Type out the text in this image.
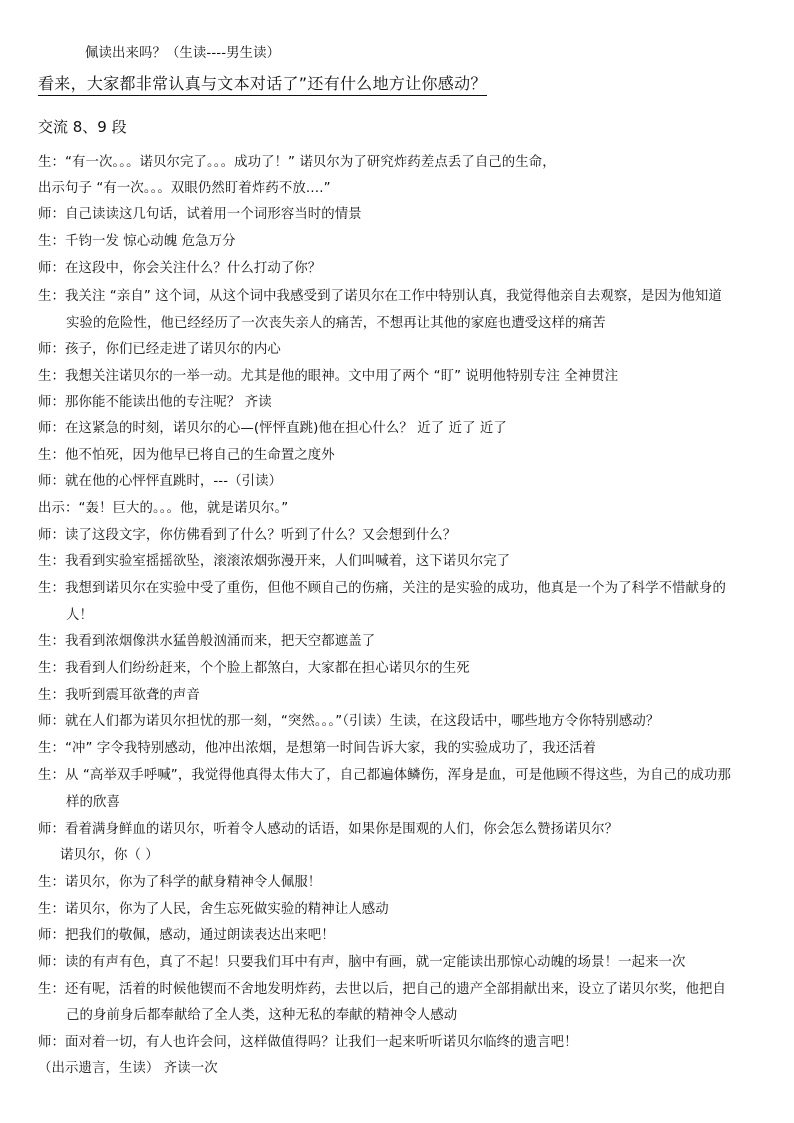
佩读出来吗？（生读----男生读）
看来，大家都非常认真与文本对话了”还有什么地方让你感动？
交流 8、9 段
生：“有一次。。。诺贝尔完了。。。成功了！” 诺贝尔为了研究炸药差点丢了自己的生命，
出示句子 “有一次。。。双眼仍然盯着炸药不放….”
师：自己读读这几句话，试着用一个词形容当时的情景
生：千钧一发 惊心动魄 危急万分
师：在这段中，你会关注什么？什么打动了你？
生：我关注 “亲自” 这个词，从这个词中我感受到了诺贝尔在工作中特别认真，我觉得他亲自去观察，是因为他知道
实验的危险性，他已经经历了一次丧失亲人的痛苦，不想再让其他的家庭也遭受这样的痛苦
师：孩子，你们已经走进了诺贝尔的内心
生：我想关注诺贝尔的一举一动。尤其是他的眼神。文中用了两个 “盯” 说明他特别专注 全神贯注
师：那你能不能读出他的专注呢？ 齐读
师：在这紧急的时刻，诺贝尔的心—(怦怦直跳)他在担心什么？ 近了 近了 近了
生：他不怕死，因为他早已将自己的生命置之度外
师：就在他的心怦怦直跳时，---（引读）
出示：“轰！巨大的。。。他，就是诺贝尔。”
师：读了这段文字，你仿佛看到了什么？听到了什么？又会想到什么？
生：我看到实验室摇摇欲坠，滚滚浓烟弥漫开来，人们叫喊着，这下诺贝尔完了
生：我想到诺贝尔在实验中受了重伤，但他不顾自己的伤痛，关注的是实验的成功，他真是一个为了科学不惜献身的
人！
生：我看到浓烟像洪水猛兽般汹涌而来，把天空都遮盖了
生：我看到人们纷纷赶来，个个脸上都煞白，大家都在担心诺贝尔的生死
生：我听到震耳欲聋的声音
师：就在人们都为诺贝尔担忧的那一刻，“突然。。。”（引读）生读，在这段话中，哪些地方令你特别感动？
生：“冲” 字令我特别感动，他冲出浓烟，是想第一时间告诉大家，我的实验成功了，我还活着
生：从 “高举双手呼喊”，我觉得他真得太伟大了，自己都遍体鳞伤，浑身是血，可是他顾不得这些，为自己的成功那
样的欣喜
师：看着满身鲜血的诺贝尔，听着令人感动的话语，如果你是围观的人们，你会怎么赞扬诺贝尔？
诺贝尔，你（ ）
生：诺贝尔，你为了科学的献身精神令人佩服！
生：诺贝尔，你为了人民，舍生忘死做实验的精神让人感动
师：把我们的敬佩，感动，通过朗读表达出来吧！
师：读的有声有色，真了不起！只要我们耳中有声，脑中有画，就一定能读出那惊心动魄的场景！一起来一次
生：还有呢，活着的时候他锲而不舍地发明炸药，去世以后，把自己的遗产全部捐献出来，设立了诺贝尔奖，他把自
己的身前身后都奉献给了全人类，这种无私的奉献的精神令人感动
师：面对着一切，有人也许会问，这样做值得吗？让我们一起来听听诺贝尔临终的遗言吧！
（出示遗言，生读） 齐读一次
